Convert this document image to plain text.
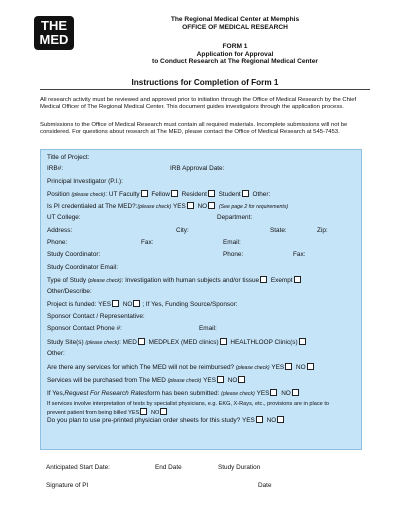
THE
MED
The Regional Medical Center at Memphis
OFFICE OF MEDICAL RESEARCH
FORM 1
Application for Approval
to Conduct Research at The Regional Medical Center
Instructions for Completion of Form 1
All research activity must be reviewed and approved prior to initiation through the Office of Medical Research by the Chief Medical Officer of The Regional Medical Center. This document guides investigators through the application process.
Submissions to the Office of Medical Research must contain all required materials. Incomplete submissions will not be considered. For questions about research at The MED, please contact the Office of Medical Research at 545-7453.
Title of Project:
IRB#:	IRB Approval Date:
Principal Investigator (P.I.):
Position (please check): UT Faculty Fellow Resident Student Other:
Is PI credentialed at The MED?:(please check) YES NO (See page 2 for requirements)
UT College:	Department:
Address:	City:	State:	Zip:
Phone:	Fax:	Email:
Study Coordinator:	Phone:	Fax:
Study Coordinator Email:
Type of Study (please check): Investigation with human subjects and/or tissue Exempt
Other/Describe:
Project is funded: YES NO ; If Yes, Funding Source/Sponsor:
Sponsor Contact / Representative:
Sponsor Contact Phone #:	Email:
Study Site(s) (please check): MED MEDPLEX (MED clinics) HEALTHLOOP Clinic(s)
Other:
Are there any services for which The MED will not be reimbursed? (please check) YES NO
Services will be purchased from The MED (please check) YES NO
If Yes,Request For Research Ratesform has been submitted: (please check) YES NO
If services involve interpretation of tests by specialist physicians, e.g. EKG, X-Rays, etc., provisions are in place to prevent patient from being billed YES NO
Do you plan to use pre-printed physician order sheets for this study? YES NO
Anticipated Start Date:	End Date	Study Duration
Signature of PI	Date
